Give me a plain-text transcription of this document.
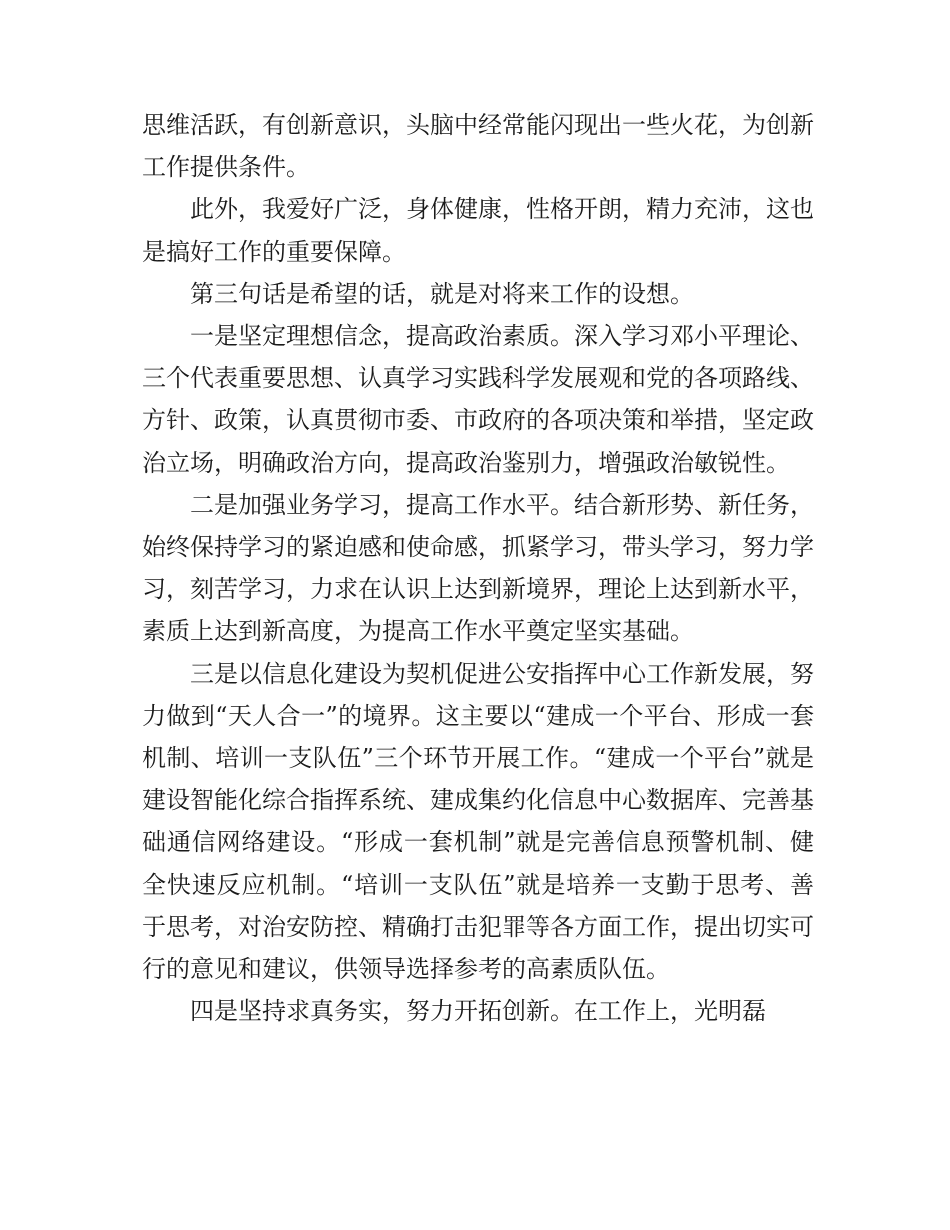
思维活跃，有创新意识，头脑中经常能闪现出一些火花，为创新工作提供条件。

此外，我爱好广泛，身体健康，性格开朗，精力充沛，这也是搞好工作的重要保障。

第三句话是希望的话，就是对将来工作的设想。

一是坚定理想信念，提高政治素质。深入学习邓小平理论、三个代表重要思想、认真学习实践科学发展观和党的各项路线、方针、政策，认真贯彻市委、市政府的各项决策和举措，坚定政治立场，明确政治方向，提高政治鉴别力，增强政治敏锐性。

二是加强业务学习，提高工作水平。结合新形势、新任务，始终保持学习的紧迫感和使命感，抓紧学习，带头学习，努力学习，刻苦学习，力求在认识上达到新境界，理论上达到新水平，素质上达到新高度，为提高工作水平奠定坚实基础。

三是以信息化建设为契机促进公安指挥中心工作新发展，努力做到“天人合一”的境界。这主要以“建成一个平台、形成一套机制、培训一支队伍”三个环节开展工作。“建成一个平台”就是建设智能化综合指挥系统、建成集约化信息中心数据库、完善基础通信网络建设。“形成一套机制”就是完善信息预警机制、健全快速反应机制。“培训一支队伍”就是培养一支勤于思考、善于思考，对治安防控、精确打击犯罪等各方面工作，提出切实可行的意见和建议，供领导选择参考的高素质队伍。

四是坚持求真务实，努力开拓创新。在工作上，光明磊
